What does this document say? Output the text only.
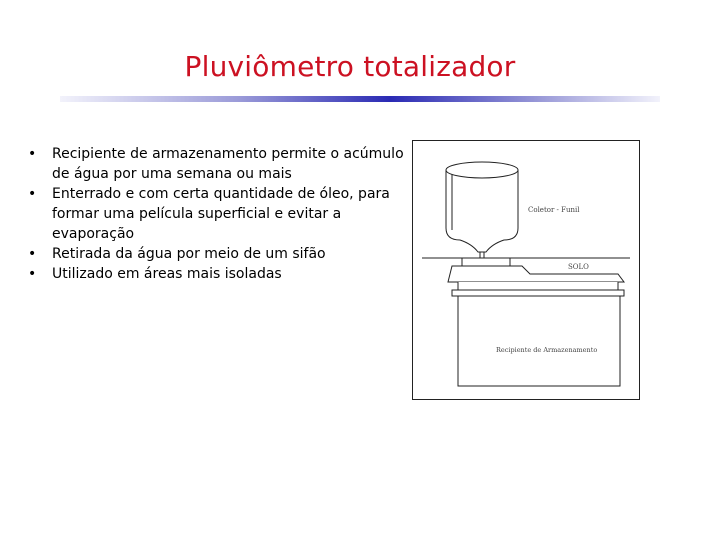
Pluviômetro totalizador
• Recipiente de armazenamento permite o acúmulo de água por uma semana ou mais
• Enterrado e com certa quantidade de óleo, para formar uma película superficial e evitar a evaporação
• Retirada da água por meio de um sifão
• Utilizado em áreas mais isoladas
Coletor - Funil
SOLO
Recipiente de Armazenamento
